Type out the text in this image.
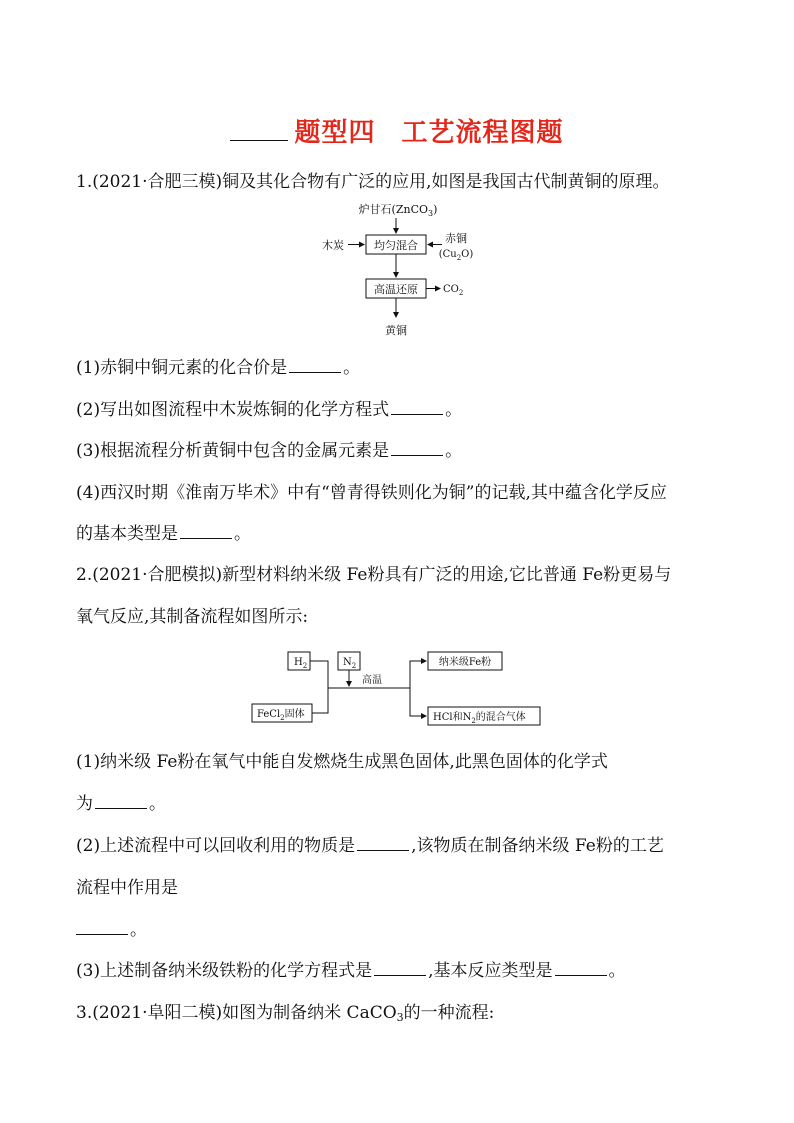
题型四 工艺流程图题
1.(2021·合肥三模)铜及其化合物有广泛的应用,如图是我国古代制黄铜的原理。
炉甘石(ZnCO$_3$)
均匀混合
木炭
赤铜
$(Cu_2O)$
高温还原	$CO_2$
黄铜
(1)赤铜中铜元素的化合价是	。
(2)写出如图流程中木炭炼铜的化学方程式	。
(3)根据流程分析黄铜中包含的金属元素是	。
(4)西汉时期《淮南万毕术》中有“曾青得铁则化为铜”的记载,其中蕴含化学反应
的基本类型是	。
2.(2021·合肥模拟)新型材料纳米级 Fe粉具有广泛的用途,它比普通 Fe粉更易与
氧气反应,其制备流程如图所示:
$H_2$	$N_2$
FeCl$_2$固体
高温
纳米级Fe粉
HCl和$N_2$的混合气体
(1)纳米级 Fe粉在氧气中能自发燃烧生成黑色固体,此黑色固体的化学式
为	。
(2)上述流程中可以回收利用的物质是	,该物质在制备纳米级 Fe粉的工艺
流程中作用是
。
(3)上述制备纳米级铁粉的化学方程式是	,基本反应类型是	。
3.(2021·阜阳二模)如图为制备纳米 CaCO$_3$的一种流程:
